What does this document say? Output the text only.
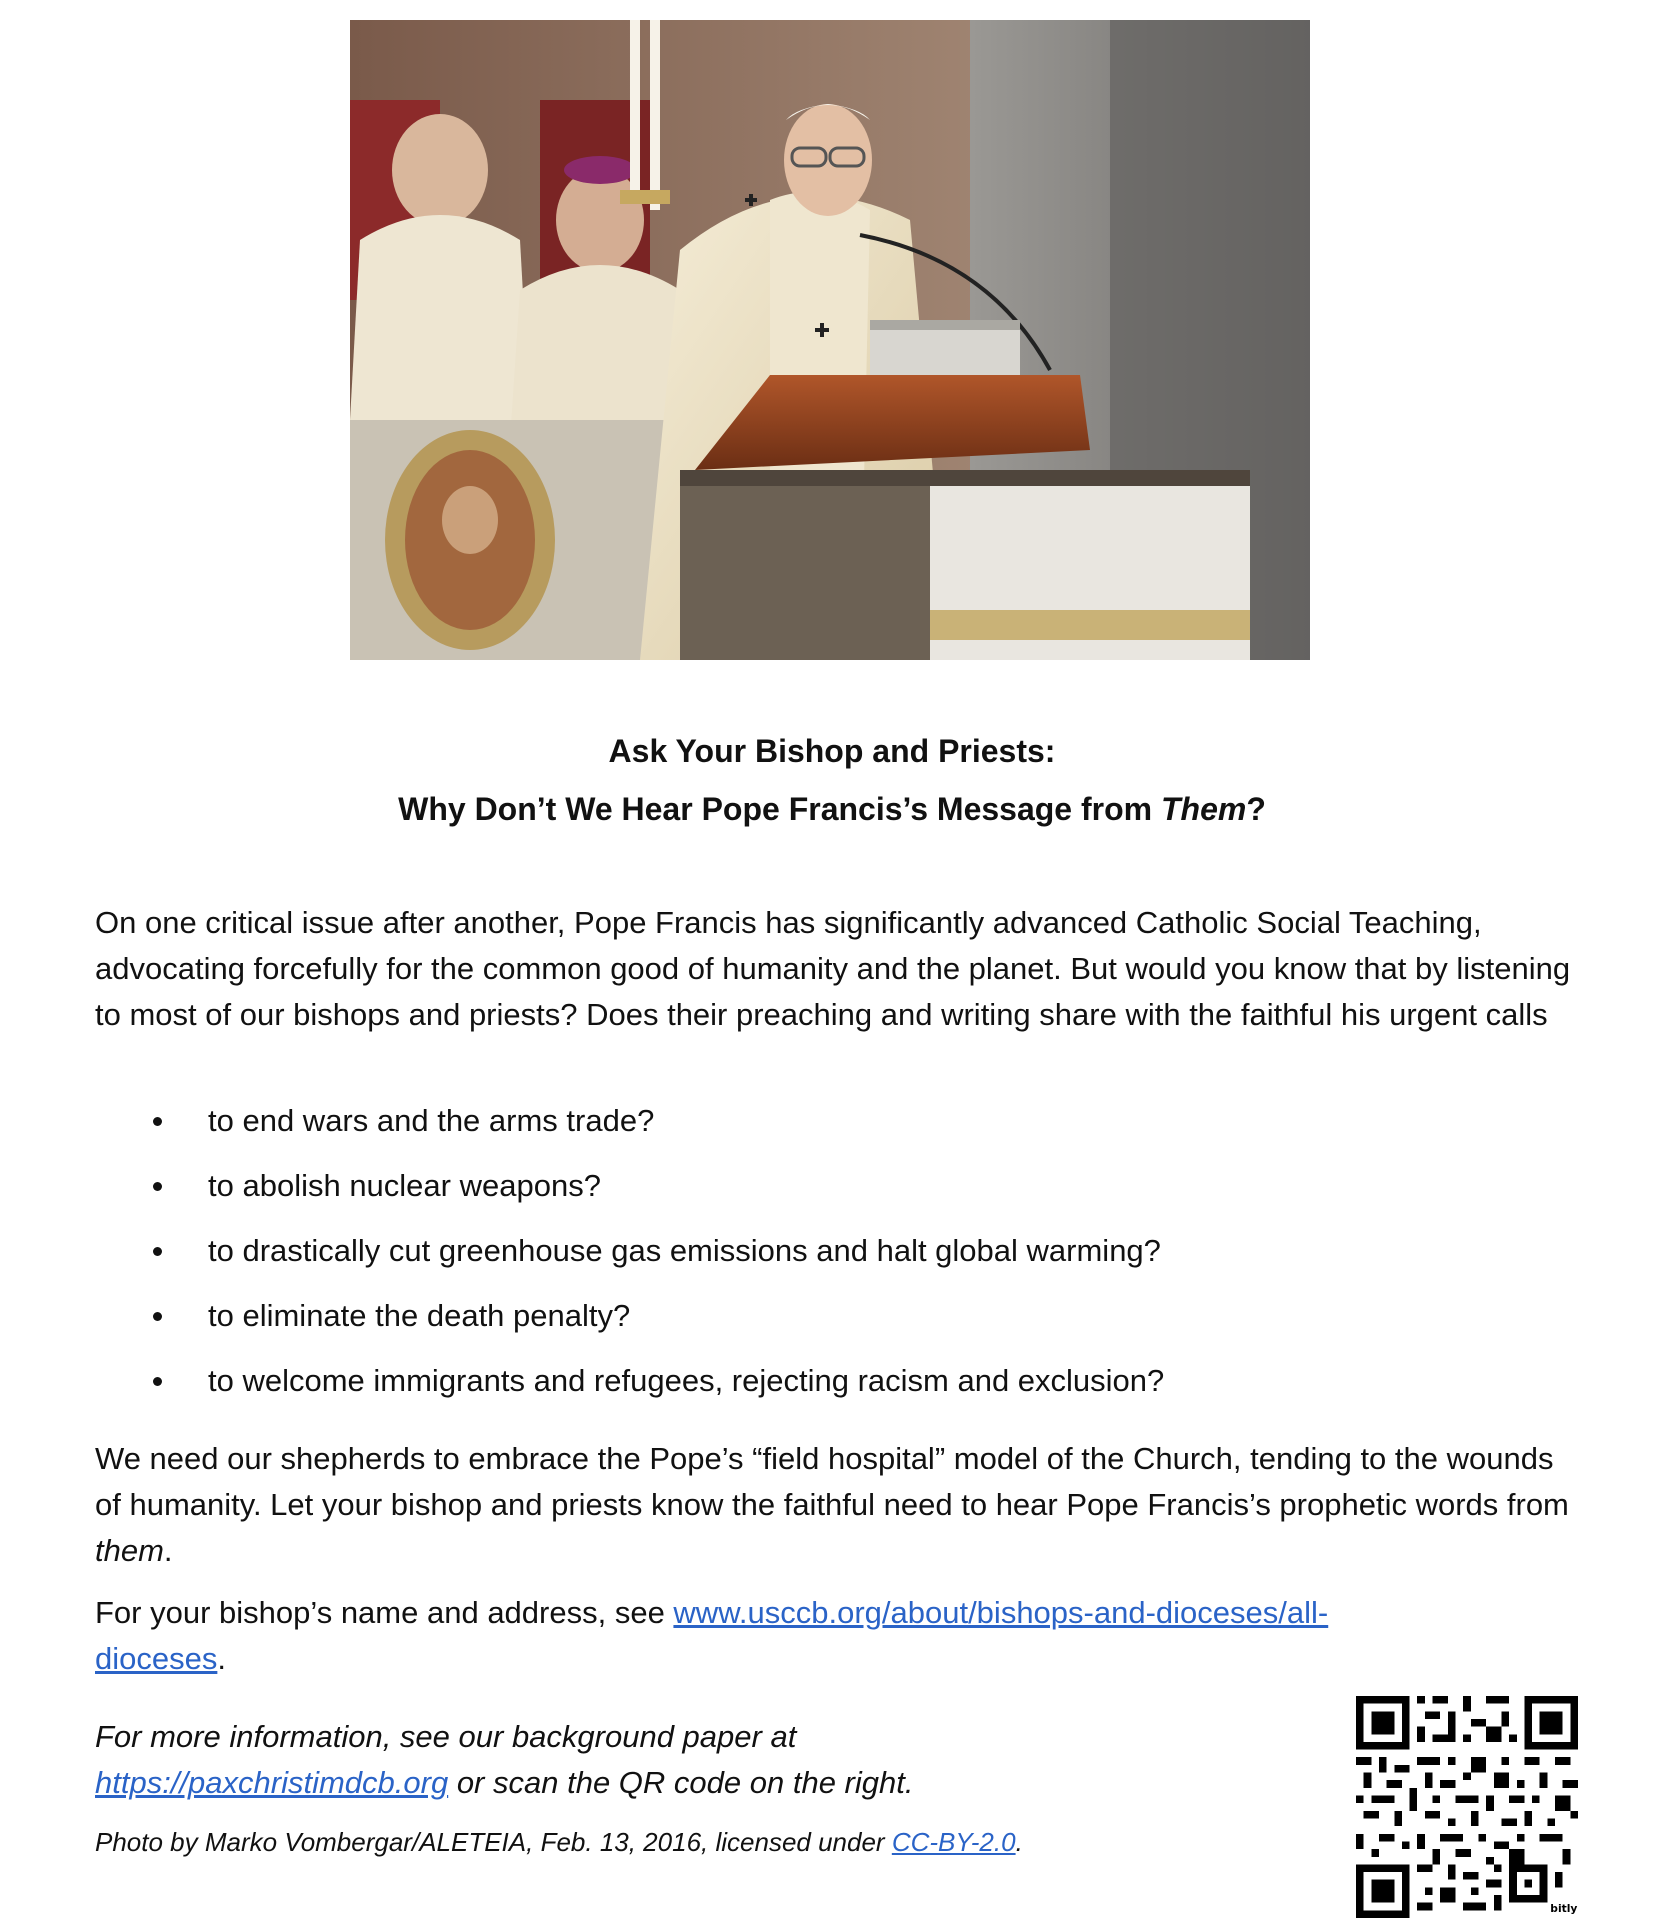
Ask Your Bishop and Priests:
Why Don’t We Hear Pope Francis’s Message from Them?

On one critical issue after another, Pope Francis has significantly advanced Catholic Social Teaching, advocating forcefully for the common good of humanity and the planet. But would you know that by listening to most of our bishops and priests? Does their preaching and writing share with the faithful his urgent calls

to end wars and the arms trade?
to abolish nuclear weapons?
to drastically cut greenhouse gas emissions and halt global warming?
to eliminate the death penalty?
to welcome immigrants and refugees, rejecting racism and exclusion?

We need our shepherds to embrace the Pope’s “field hospital” model of the Church, tending to the wounds of humanity. Let your bishop and priests know the faithful need to hear Pope Francis’s prophetic words from them.

For your bishop’s name and address, see www.usccb.org/about/bishops-and-dioceses/all-dioceses.

For more information, see our background paper at https://paxchristimdcb.org or scan the QR code on the right.

Photo by Marko Vombergar/ALETEIA, Feb. 13, 2016, licensed under CC-BY-2.0.

bitly
